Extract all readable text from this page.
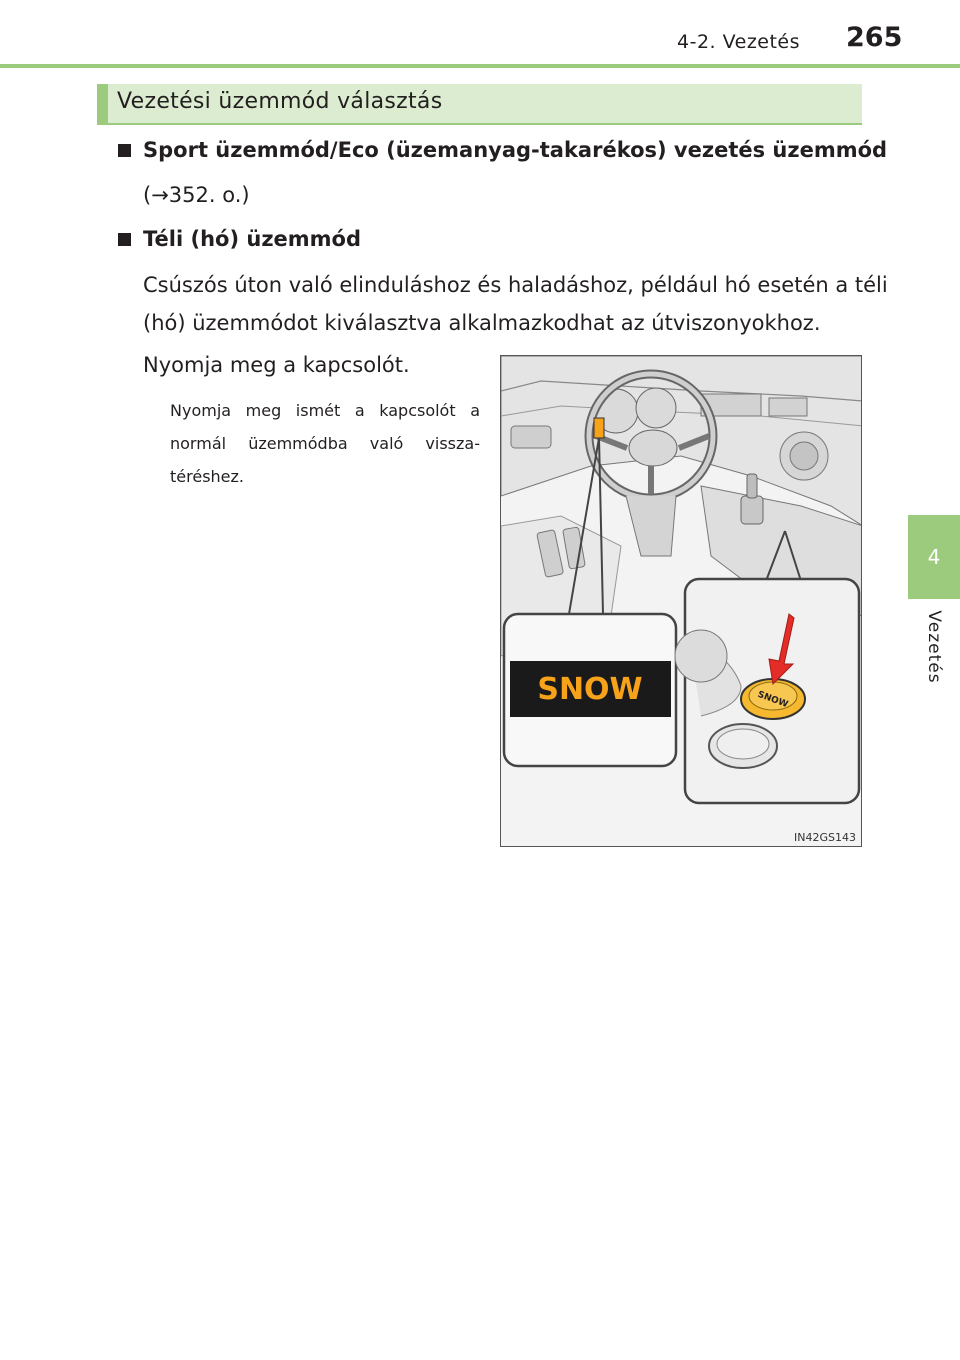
4-2. Vezetés 265
4
Vezetés
Vezetési üzemmód választás
Sport üzemmód/Eco (üzemanyag-takarékos) vezetés üzemmód
(→352. o.)
Téli (hó) üzemmód
Csúszós úton való elinduláshoz és haladáshoz, például hó esetén a téli
(hó) üzemmódot kiválasztva alkalmazkodhat az útviszonyokhoz.
Nyomja meg a kapcsolót.
Nyomja meg ismét a kapcsolót a normál üzemmódba való vissza-téréshez.
SNOW	SNOW
IN42GS143
